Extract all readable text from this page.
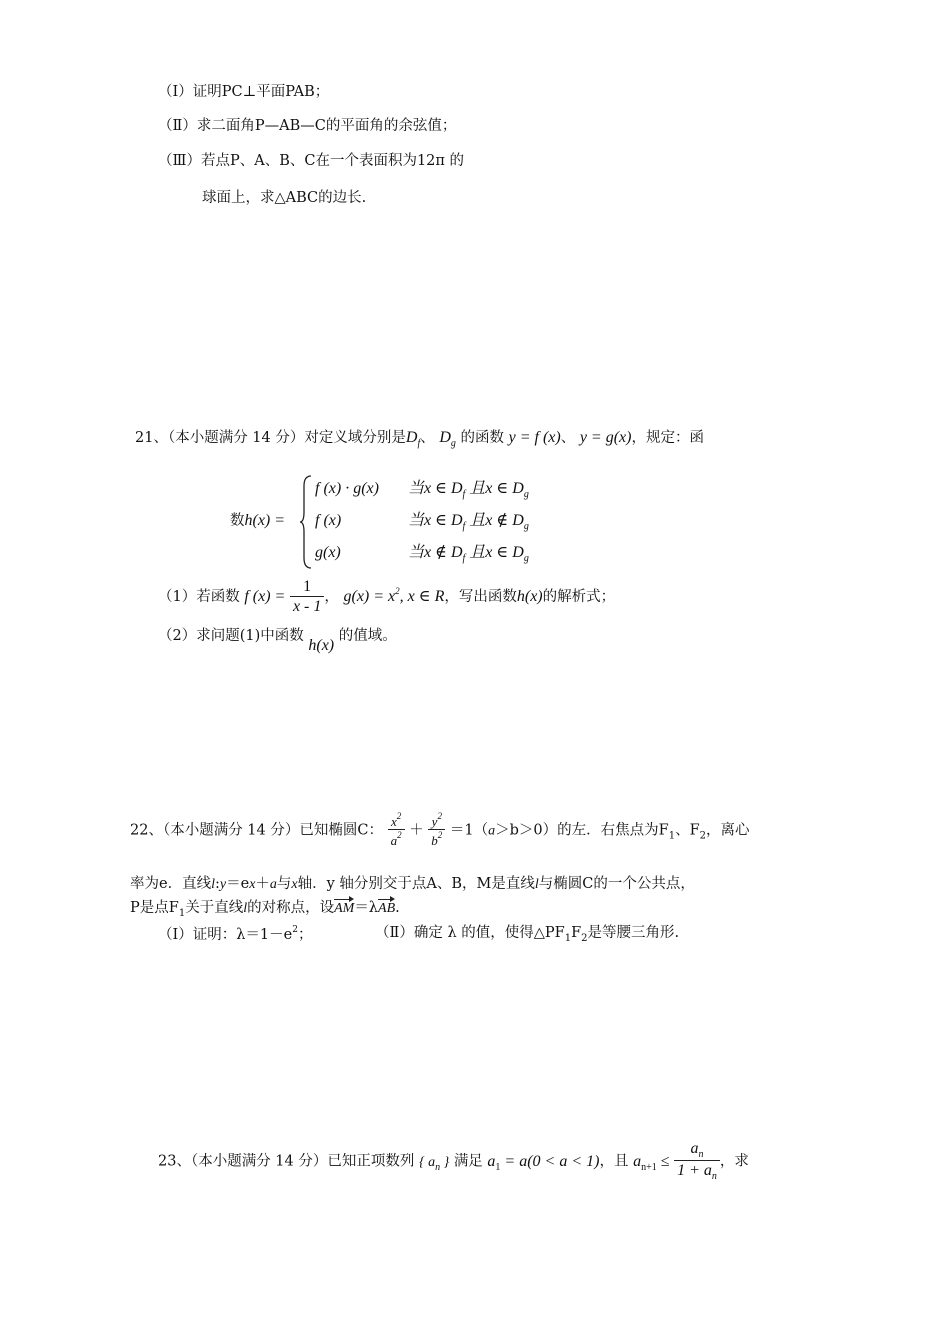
（Ⅰ）证明PC⊥平面PAB；
（Ⅱ）求二面角P—AB—C的平面角的余弦值；
（Ⅲ）若点P、A、B、C在一个表面积为12π 的
球面上，求△ABC的边长.
21、（本小题满分 14 分）对定义域分别是$D_f$、 $D_g$ 的函数 y = f (x)、 y = g(x)，规定：函
数h(x) =
f (x) · g(x) 当x ∈ $D_f$ 且x ∈ $D_g$
f (x)	当x ∈ $D_f$ 且x ∉ $D_g$
g(x)	当x ∉ $D_f$ 且x ∈ $D_g$
（1）若函数 f $(x) = \frac{1}{x - 1}$ ， $g(x) = x^2$, x ∈ R，写出函数h(x)的解析式；
（2）求问题(1)中函数 h(x) 的值域。
22、（本小题满分 14 分）已知椭圆C： $\frac{x^2}{a^2} + \frac{y^2}{b^2} =1(a>b>0)$的左．右焦点为$F_1$、$F_2$，离心
率为e．直线l:y＝ex＋a与x轴．y 轴分别交于点A、B，M是直线l与椭圆C的一个公共点，
P是点$F_1$关于直线l的对称点，设AM＝λAB.
（Ⅰ）证明：$\lambda=1-e^2$；	（Ⅱ）确定 λ 的值，使得$\triangle PF_1F_2$是等腰三角形.
23、（本小题满分 14 分）已知正项数列 { $a_n$ } 满足 $a_1 = a(0 < a < 1)$，且 $a_{n+1} \le \frac{a_n}{1 + a_n}$ ，求
